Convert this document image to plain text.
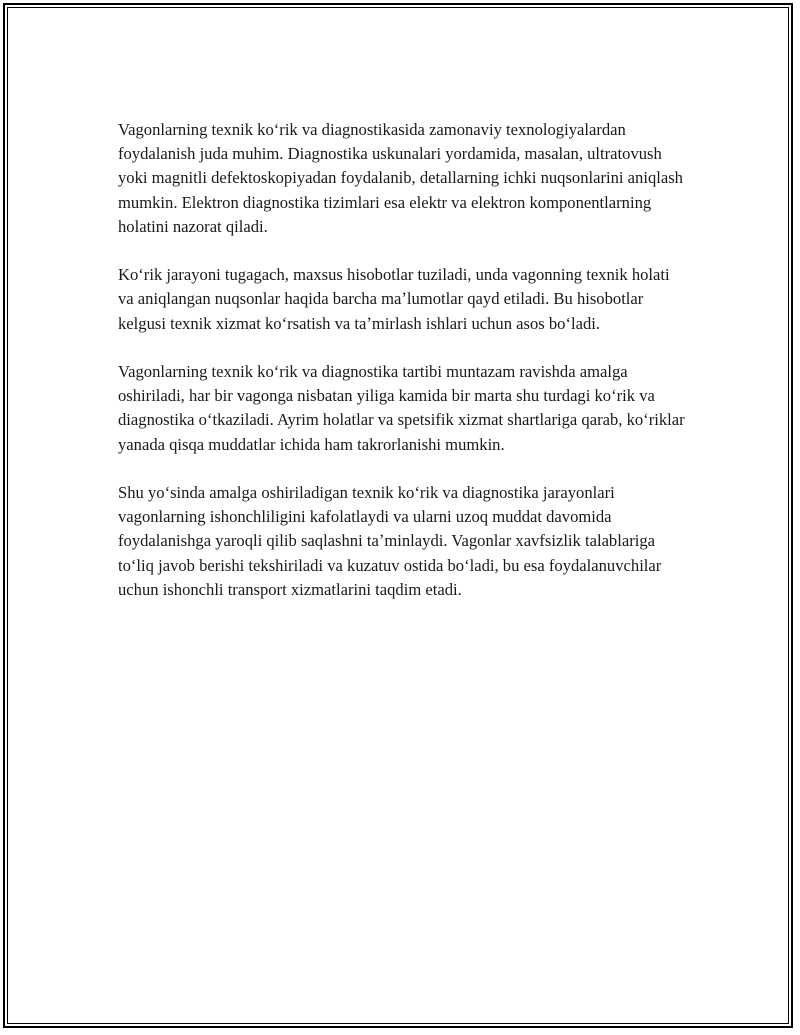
Vagonlarning texnik koʻrik va diagnostikasida zamonaviy texnologiyalardan foydalanish juda muhim. Diagnostika uskunalari yordamida, masalan, ultratovush yoki magnitli defektoskopiyadan foydalanib, detallarning ichki nuqsonlarini aniqlash mumkin. Elektron diagnostika tizimlari esa elektr va elektron komponentlarning holatini nazorat qiladi.

Koʻrik jarayoni tugagach, maxsus hisobotlar tuziladi, unda vagonning texnik holati va aniqlangan nuqsonlar haqida barcha maʼlumotlar qayd etiladi. Bu hisobotlar kelgusi texnik xizmat koʻrsatish va taʼmirlash ishlari uchun asos boʻladi.

Vagonlarning texnik koʻrik va diagnostika tartibi muntazam ravishda amalga oshiriladi, har bir vagonga nisbatan yiliga kamida bir marta shu turdagi koʻrik va diagnostika oʻtkaziladi. Ayrim holatlar va spetsifik xizmat shartlariga qarab, koʻriklar yanada qisqa muddatlar ichida ham takrorlanishi mumkin.

Shu yoʻsinda amalga oshiriladigan texnik koʻrik va diagnostika jarayonlari vagonlarning ishonchliligini kafolatlaydi va ularni uzoq muddat davomida foydalanishga yaroqli qilib saqlashni taʼminlaydi. Vagonlar xavfsizlik talablariga toʻliq javob berishi tekshiriladi va kuzatuv ostida boʻladi, bu esa foydalanuvchilar uchun ishonchli transport xizmatlarini taqdim etadi.
